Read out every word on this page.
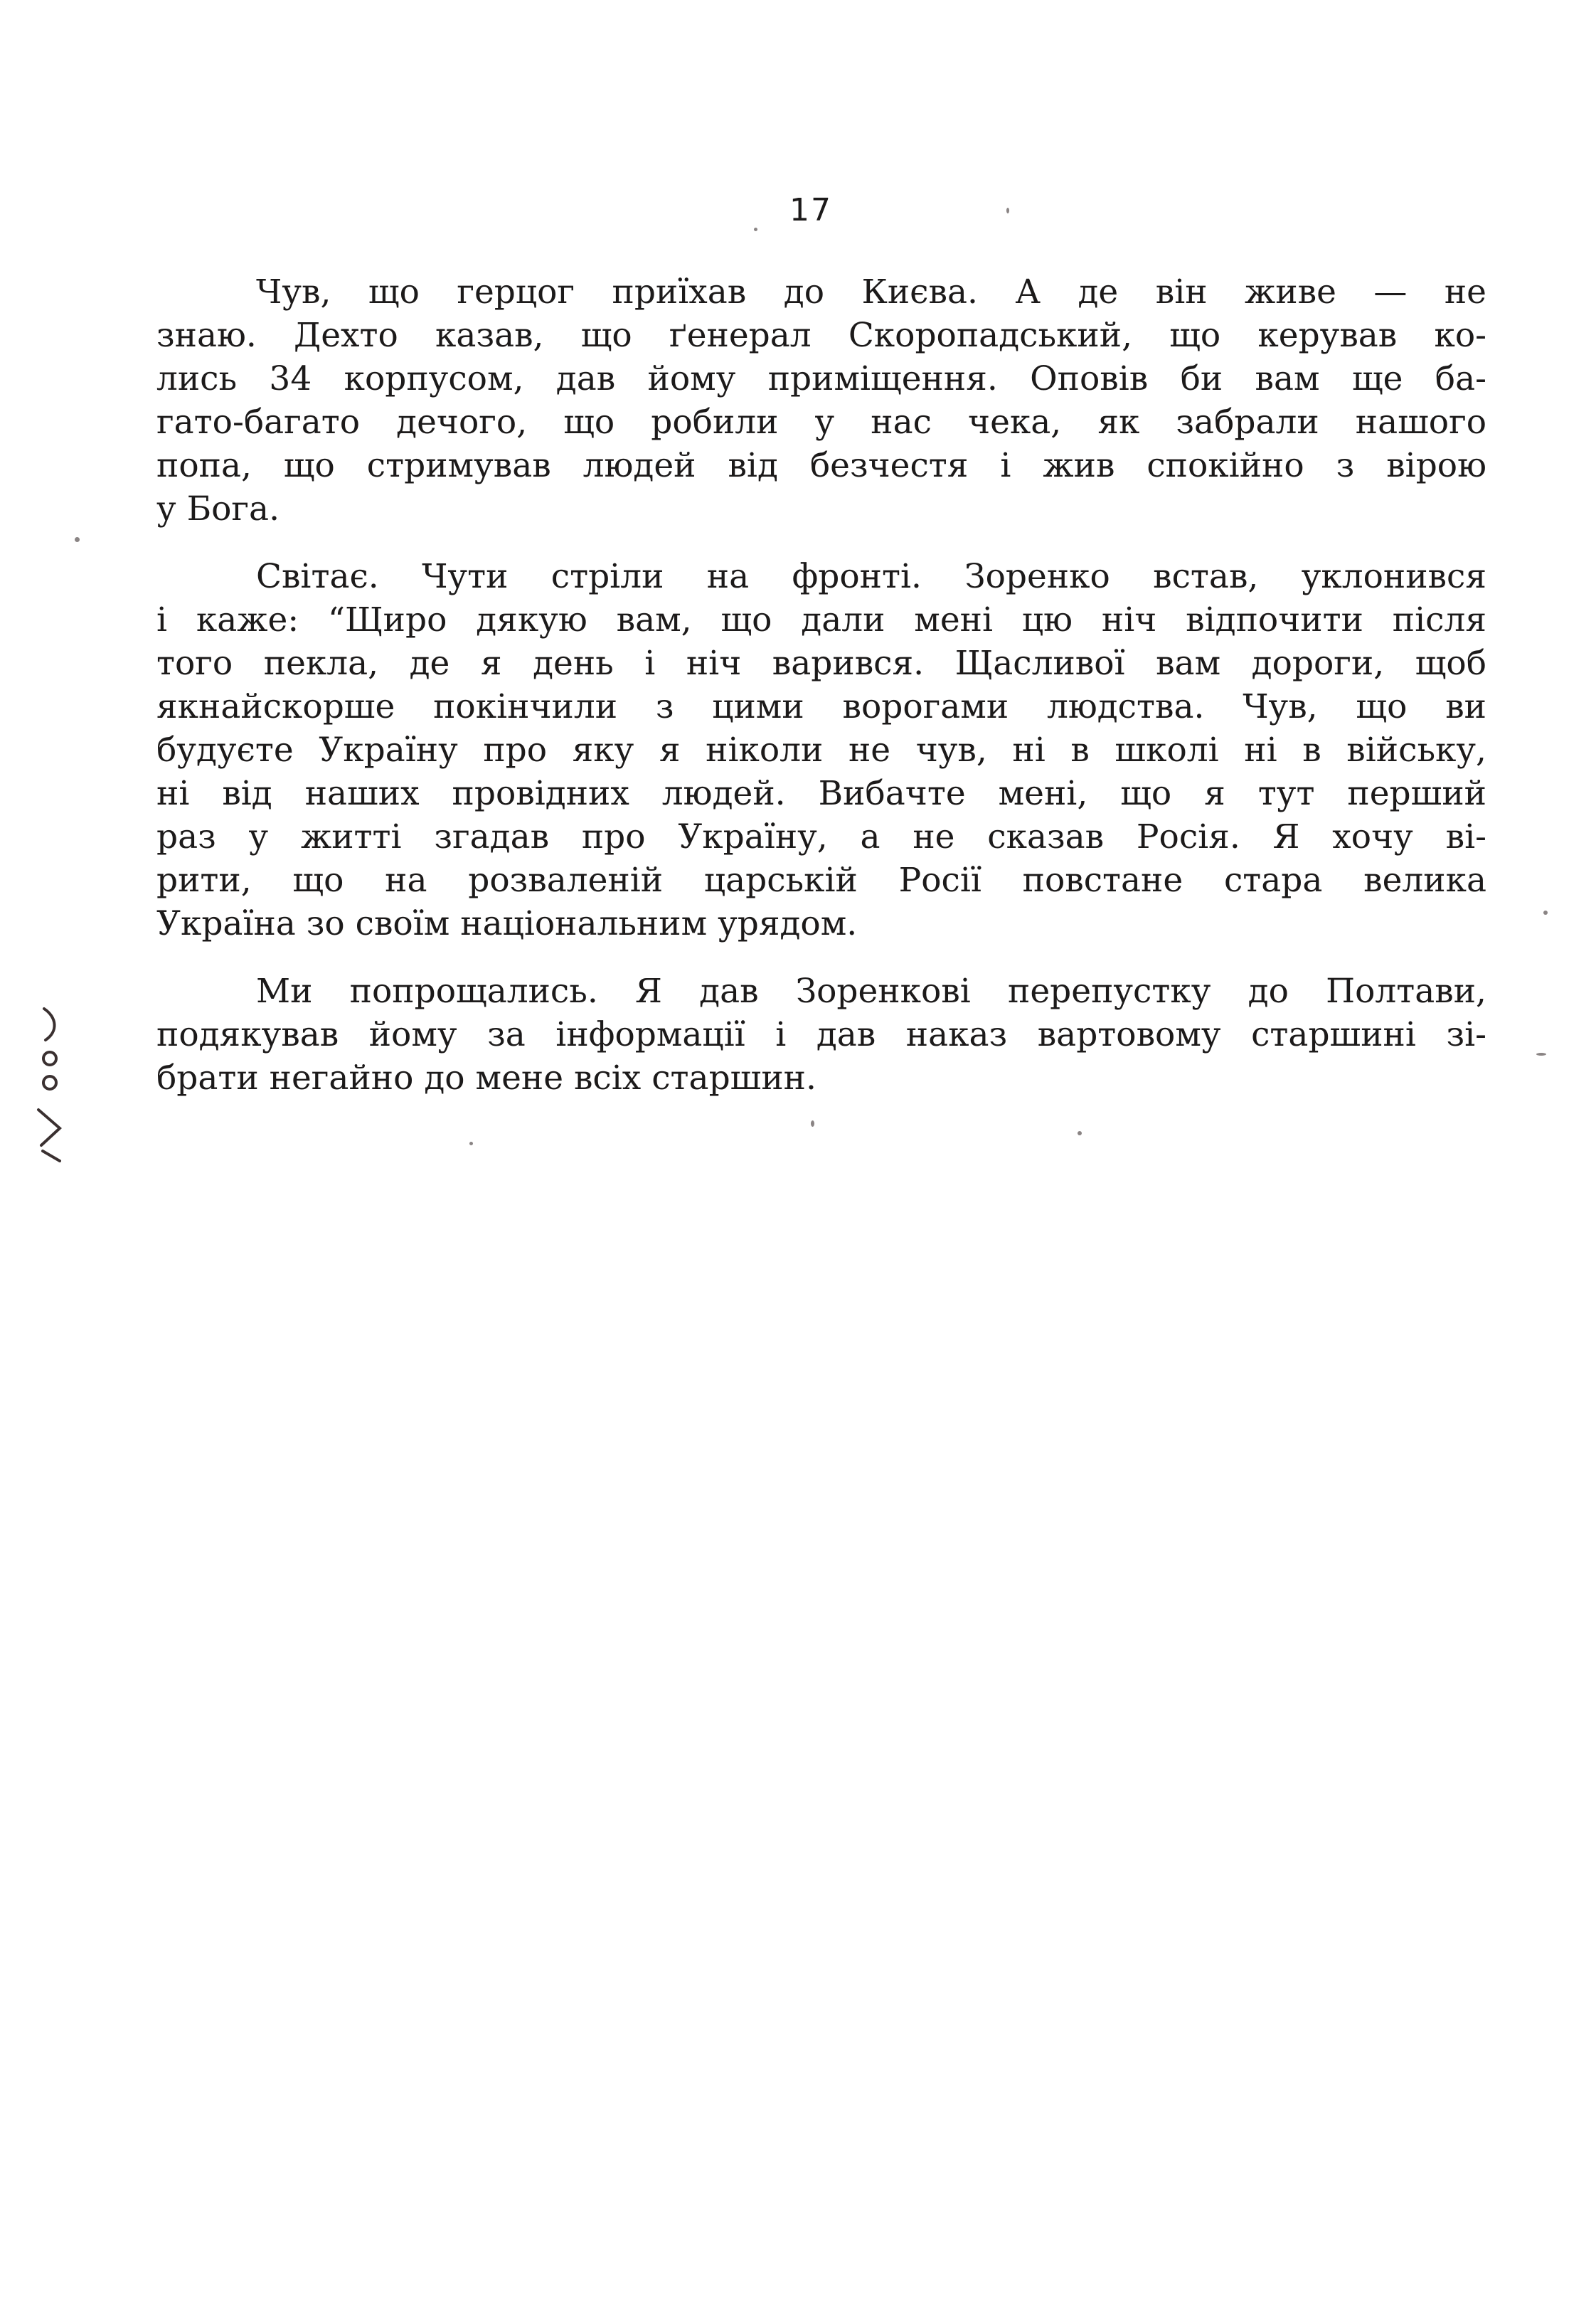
17

Чув, що герцог приїхав до Києва. А де він живе — не
знаю. Дехто казав, що ґенерал Скоропадський, що керував ко-
лись 34 корпусом, дав йому приміщення. Оповів би вам ще ба-
гато-багато дечого, що робили у нас чека, як забрали нашого
попа, що стримував людей від безчестя і жив спокійно з вірою
у Бога.

Світає. Чути стріли на фронті. Зоренко встав, уклонився
і каже: “Щиро дякую вам, що дали мені цю ніч відпочити після
того пекла, де я день і ніч варився. Щасливої вам дороги, щоб
якнайскорше покінчили з цими ворогами людства. Чув, що ви
будуєте Україну про яку я ніколи не чув, ні в школі ні в війську,
ні від наших провідних людей. Вибачте мені, що я тут перший
раз у житті згадав про Україну, а не сказав Росія. Я хочу ві-
рити, що на розваленій царській Росії повстане стара велика
Україна зо своїм національним урядом.

Ми попрощались. Я дав Зоренкові перепустку до Полтави,
подякував йому за інформації і дав наказ вартовому старшині зі-
брати негайно до мене всіх старшин.
